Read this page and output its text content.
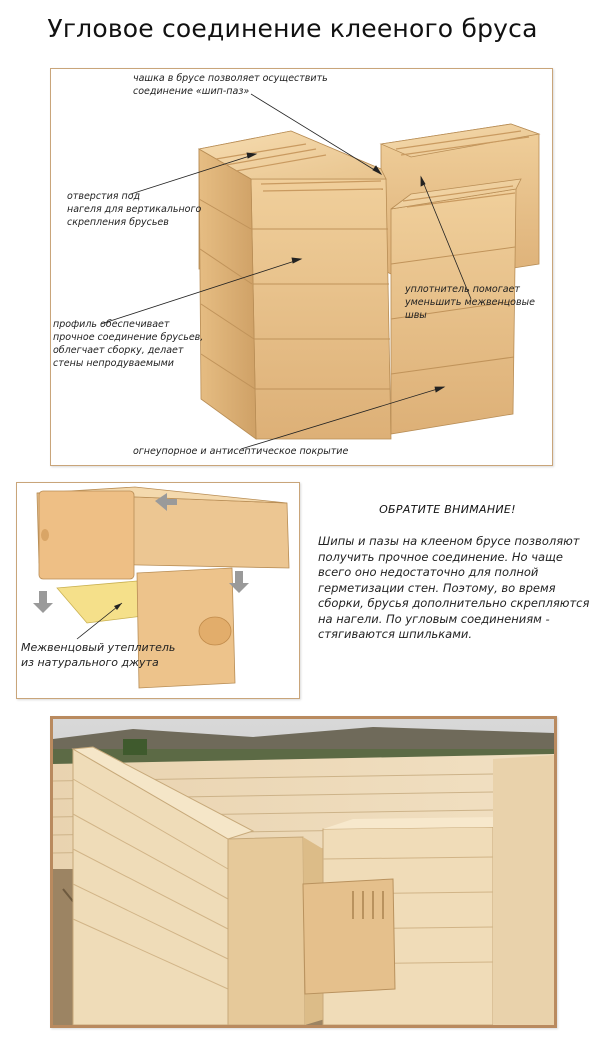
Угловое соединение клееного бруса
чашка в брусе позволяет осуществить
соединение «шип-паз»
отверстия под
нагеля для вертикального
скрепления брусьев
уплотнитель помогает
уменьшить межвенцовые
швы
профиль обеспечивает
прочное соединение брусьев,
облегчает сборку, делает
стены непродуваемыми
огнеупорное и антисептическое покрытие
Межвенцовый утеплитель
из натурального джута
ОБРАТИТЕ ВНИМАНИЕ!
Шипы и пазы на клееном брусе позволяют получить прочное соединение. Но чаще всего оно недостаточно для полной герметизации стен. Поэтому, во время сборки, брусья дополнительно скрепляются на нагели. По угловым соединениям - стягиваются шпильками.
